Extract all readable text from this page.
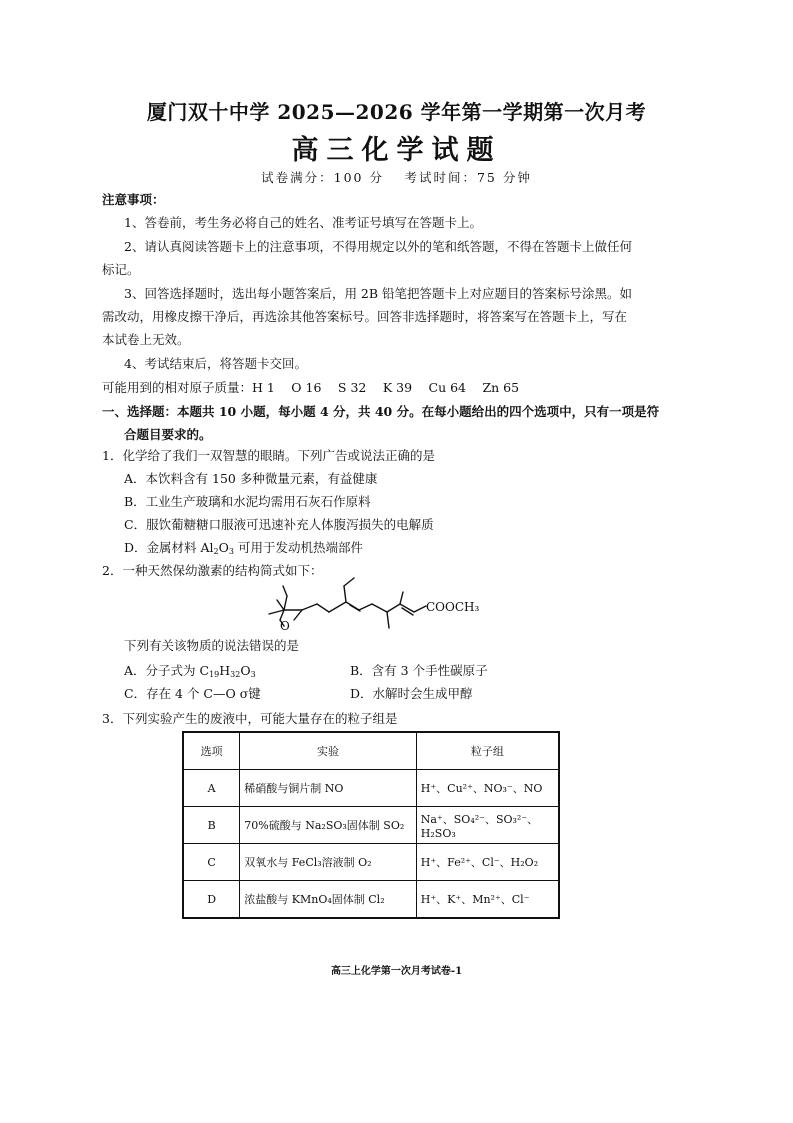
厦门双十中学 2025—2026 学年第一学期第一次月考
高三化学试题
试卷满分：100 分　 考试时间：75 分钟
注意事项：
1、答卷前，考生务必将自己的姓名、准考证号填写在答题卡上。
2、请认真阅读答题卡上的注意事项，不得用规定以外的笔和纸答题，不得在答题卡上做任何
标记。
3、回答选择题时，选出每小题答案后，用 2B 铅笔把答题卡上对应题目的答案标号涂黑。如
需改动，用橡皮擦干净后，再选涂其他答案标号。回答非选择题时，将答案写在答题卡上，写在
本试卷上无效。
4、考试结束后，将答题卡交回。
可能用到的相对原子质量：H 1　 O 16　 S 32　 K 39　 Cu 64　 Zn 65
一、选择题：本题共 10 小题，每小题 4 分，共 40 分。在每小题给出的四个选项中，只有一项是符
合题目要求的。
1．化学给了我们一双智慧的眼睛。下列广告或说法正确的是
A．本饮料含有 150 多种微量元素，有益健康
B．工业生产玻璃和水泥均需用石灰石作原料
C．服饮葡糖糖口服液可迅速补充人体腹泻损失的电解质
D．金属材料 $Al_2O_3$ 可用于发动机热端部件
2．一种天然保幼激素的结构简式如下：
O
COOCH₃
下列有关该物质的说法错误的是
A．分子式为 $C_{19}H_{32}O_3$	B．含有 3 个手性碳原子
C．存在 4 个 C—O σ键	D．水解时会生成甲醇
3．下列实验产生的废液中，可能大量存在的粒子组是
选项	实验	粒子组
A	稀硝酸与铜片制 NO	H⁺、Cu²⁺、NO₃⁻、NO
B	70%硫酸与 Na₂SO₃固体制 SO₂	Na⁺、SO₄²⁻、SO₃²⁻、H₂SO₃
C	双氧水与 FeCl₃溶液制 O₂	H⁺、Fe²⁺、Cl⁻、H₂O₂
D	浓盐酸与 KMnO₄固体制 Cl₂	H⁺、K⁺、Mn²⁺、Cl⁻
高三上化学第一次月考试卷-1
